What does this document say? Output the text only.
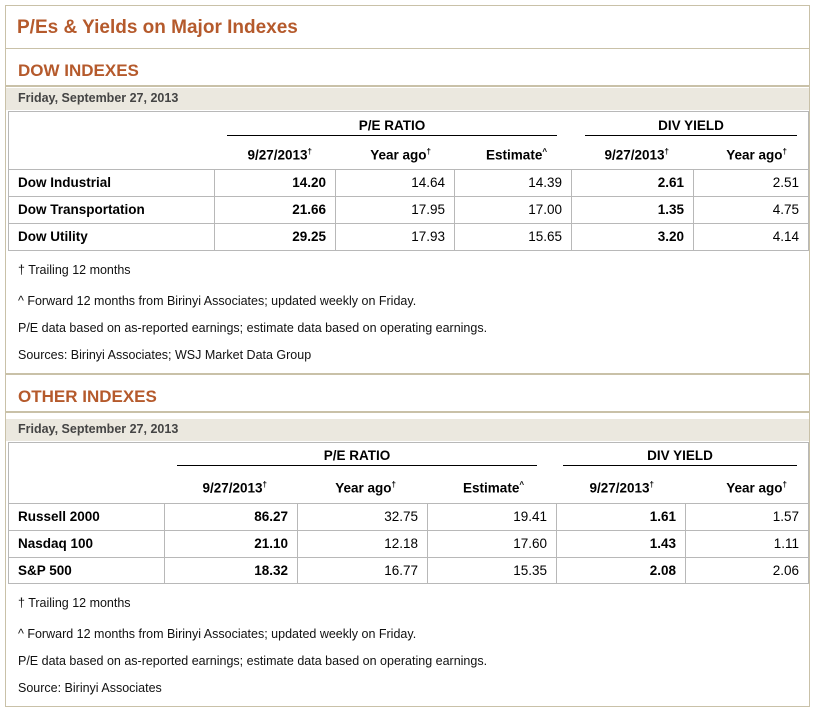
P/Es & Yields on Major Indexes
DOW INDEXES
Friday, September 27, 2013
P/E RATIO	DIV YIELD
9/27/2013†	Year ago†	Estimate^	9/27/2013†	Year ago†
Dow Industrial	14.20	14.64	14.39	2.61	2.51
Dow Transportation	21.66	17.95	17.00	1.35	4.75
Dow Utility	29.25	17.93	15.65	3.20	4.14
† Trailing 12 months
^ Forward 12 months from Birinyi Associates; updated weekly on Friday.
P/E data based on as-reported earnings; estimate data based on operating earnings.
Sources: Birinyi Associates; WSJ Market Data Group
OTHER INDEXES
Friday, September 27, 2013
P/E RATIO	DIV YIELD
9/27/2013†	Year ago†	Estimate^	9/27/2013†	Year ago†
Russell 2000	86.27	32.75	19.41	1.61	1.57
Nasdaq 100	21.10	12.18	17.60	1.43	1.11
S&P 500	18.32	16.77	15.35	2.08	2.06
† Trailing 12 months
^ Forward 12 months from Birinyi Associates; updated weekly on Friday.
P/E data based on as-reported earnings; estimate data based on operating earnings.
Source: Birinyi Associates
